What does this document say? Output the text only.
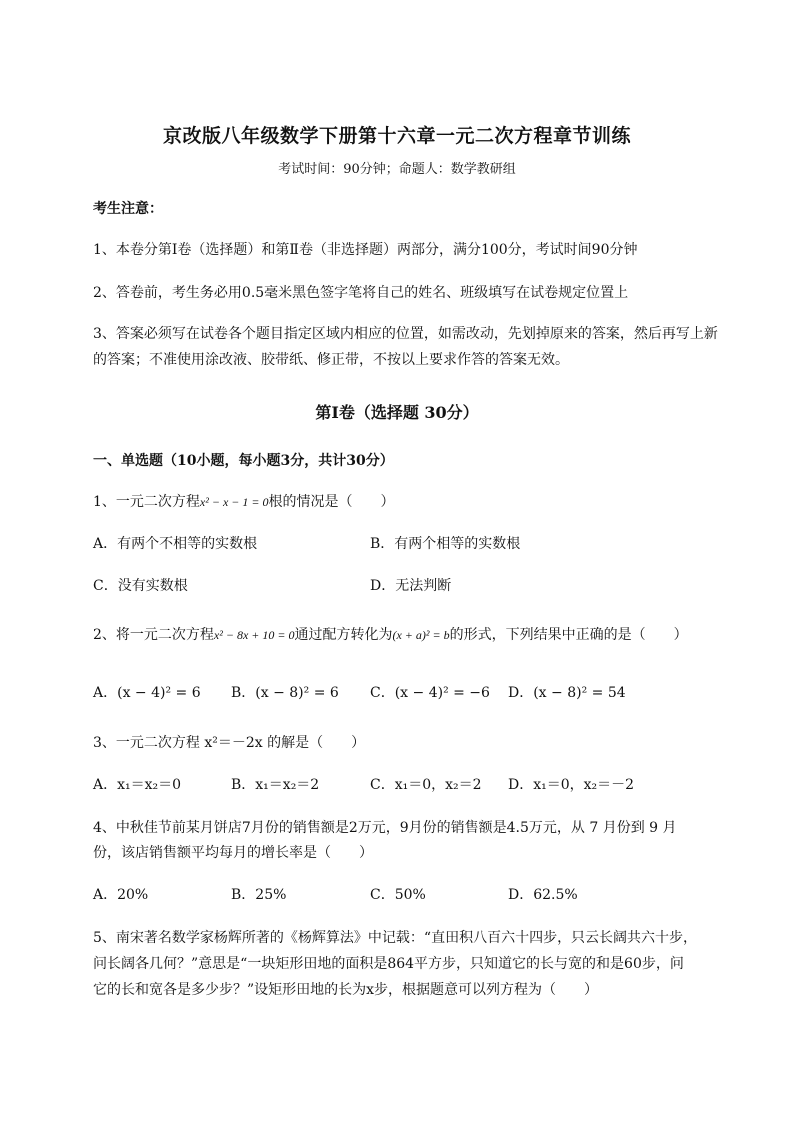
京改版八年级数学下册第十六章一元二次方程章节训练
考试时间：90分钟；命题人：数学教研组
考生注意：
1、本卷分第Ⅰ卷（选择题）和第Ⅱ卷（非选择题）两部分，满分100分，考试时间90分钟
2、答卷前，考生务必用0.5毫米黑色签字笔将自己的姓名、班级填写在试卷规定位置上
3、答案必须写在试卷各个题目指定区域内相应的位置，如需改动，先划掉原来的答案，然后再写上新
的答案；不准使用涂改液、胶带纸、修正带，不按以上要求作答的答案无效。
第Ⅰ卷（选择题 30分）
一、单选题（10小题，每小题3分，共计30分）
1、一元二次方程x² − x − 1 = 0根的情况是（　　）
A．有两个不相等的实数根	B．有两个相等的实数根
C．没有实数根	D．无法判断
2、将一元二次方程x² − 8x + 10 = 0通过配方转化为(x + a)² = b的形式，下列结果中正确的是（　　）
A．(x − 4)² = 6 B．(x − 8)² = 6 C．(x − 4)² = −6 D．(x − 8)² = 54
3、一元二次方程 x²＝－2x 的解是（　　）
A．x₁＝x₂＝0	B．x₁＝x₂＝2	C．x₁＝0，x₂＝2 D．x₁＝0，x₂＝－2
4、中秋佳节前某月饼店7月份的销售额是2万元，9月份的销售额是4.5万元，从 7 月份到 9 月
份，该店销售额平均每月的增长率是（　　）
A．20%	B．25%	C．50%	D．62.5%
5、南宋著名数学家杨辉所著的《杨辉算法》中记载：“直田积八百六十四步，只云长阔共六十步，
问长阔各几何？”意思是“一块矩形田地的面积是864平方步，只知道它的长与宽的和是60步，问
它的长和宽各是多少步？”设矩形田地的长为x步，根据题意可以列方程为（　　）
